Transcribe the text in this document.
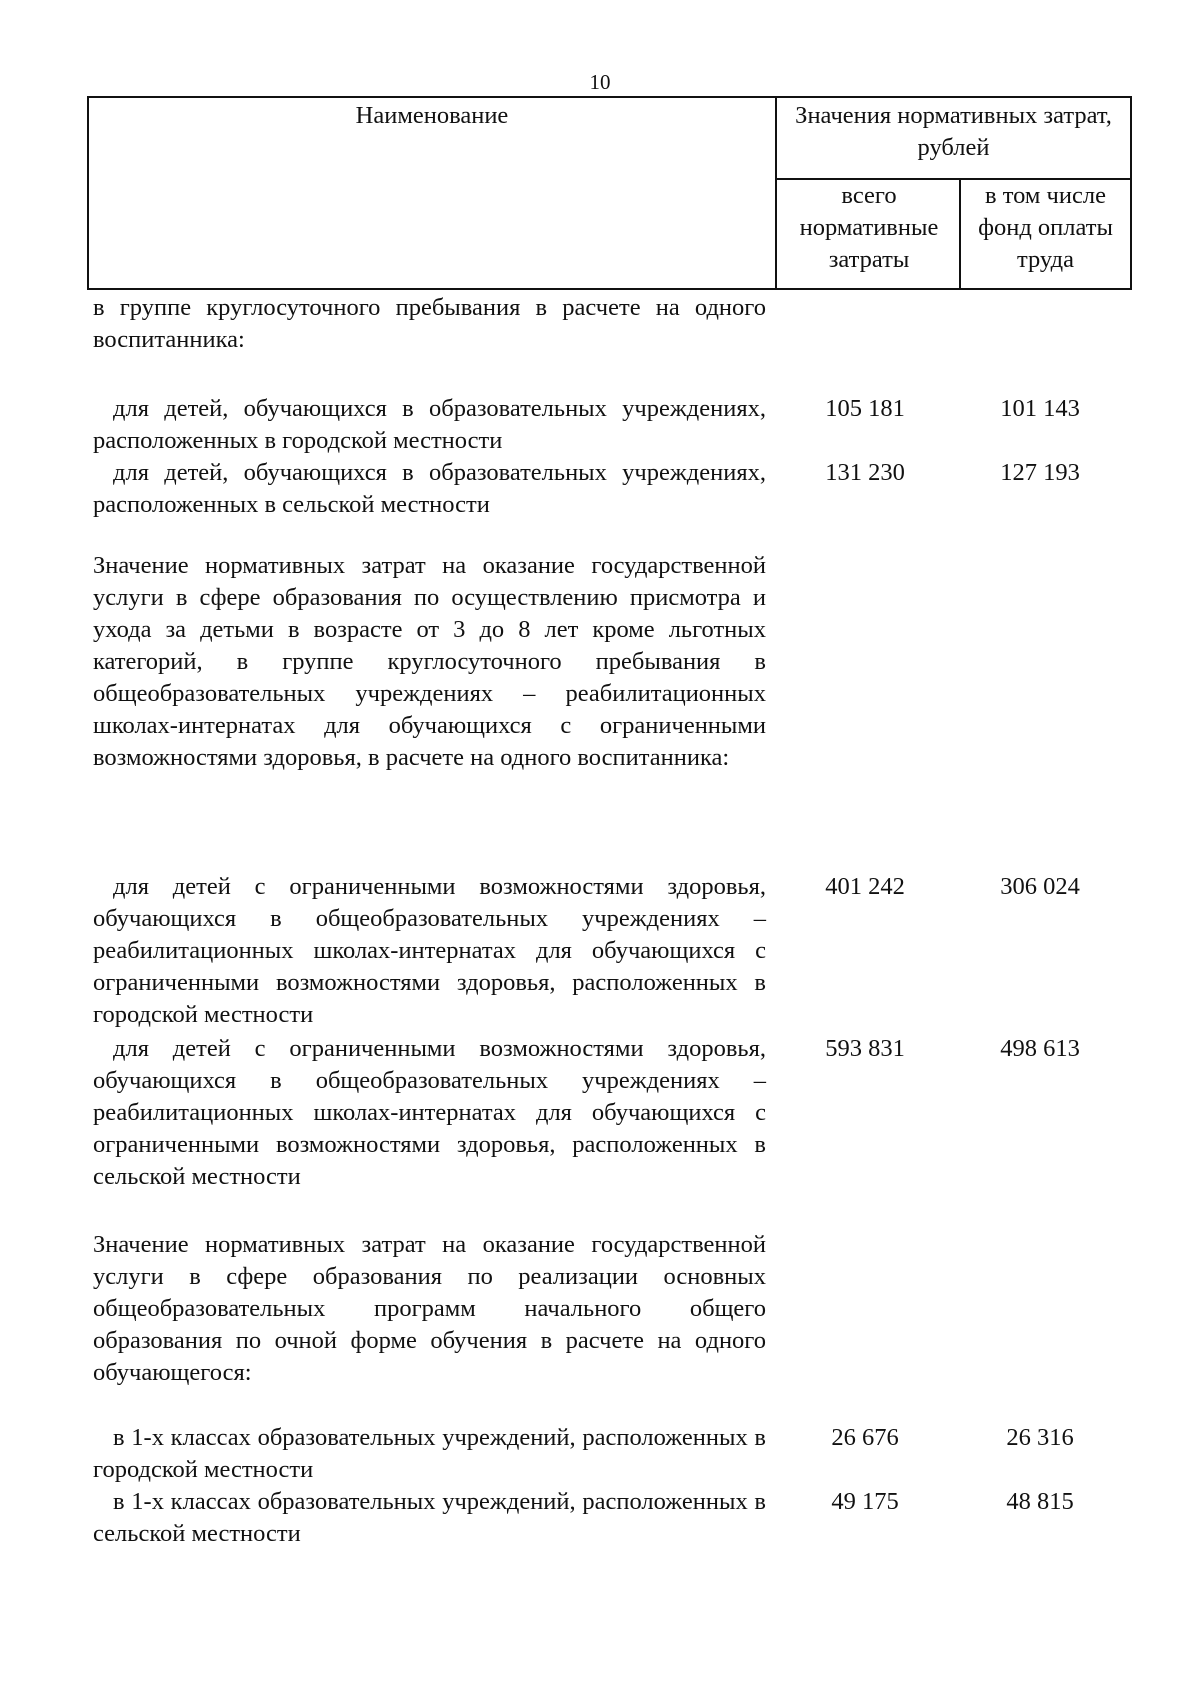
10
Наименование	Значения нормативных затрат, рублей
всего нормативные затраты
в том числе фонд оплаты труда
в группе круглосуточного пребывания в расчете на одного воспитанника:
для детей, обучающихся в образовательных учреждениях, расположенных в городской местности
105 181	101 143
для детей, обучающихся в образовательных учреждениях, расположенных в сельской местности
131 230	127 193
Значение нормативных затрат на оказание государственной услуги в сфере образования по осуществлению присмотра и ухода за детьми в возрасте от 3 до 8 лет кроме льготных категорий, в группе круглосуточного пребывания в общеобразовательных учреждениях – реабилитационных школах-интернатах для обучающихся с ограниченными возможностями здоровья, в расчете на одного воспитанника:
для детей с ограниченными возможностями здоровья, обучающихся в общеобразовательных учреждениях – реабилитационных школах-интернатах для обучающихся с ограниченными возможностями здоровья, расположенных в городской местности
401 242	306 024
для детей с ограниченными возможностями здоровья, обучающихся в общеобразовательных учреждениях – реабилитационных школах-интернатах для обучающихся с ограниченными возможностями здоровья, расположенных в сельской местности
593 831	498 613
Значение нормативных затрат на оказание государственной услуги в сфере образования по реализации основных общеобразовательных программ начального общего образования по очной форме обучения в расчете на одного обучающегося:
в 1-х классах образовательных учреждений, расположенных в городской местности
26 676	26 316
в 1-х классах образовательных учреждений, расположенных в сельской местности
49 175	48 815
